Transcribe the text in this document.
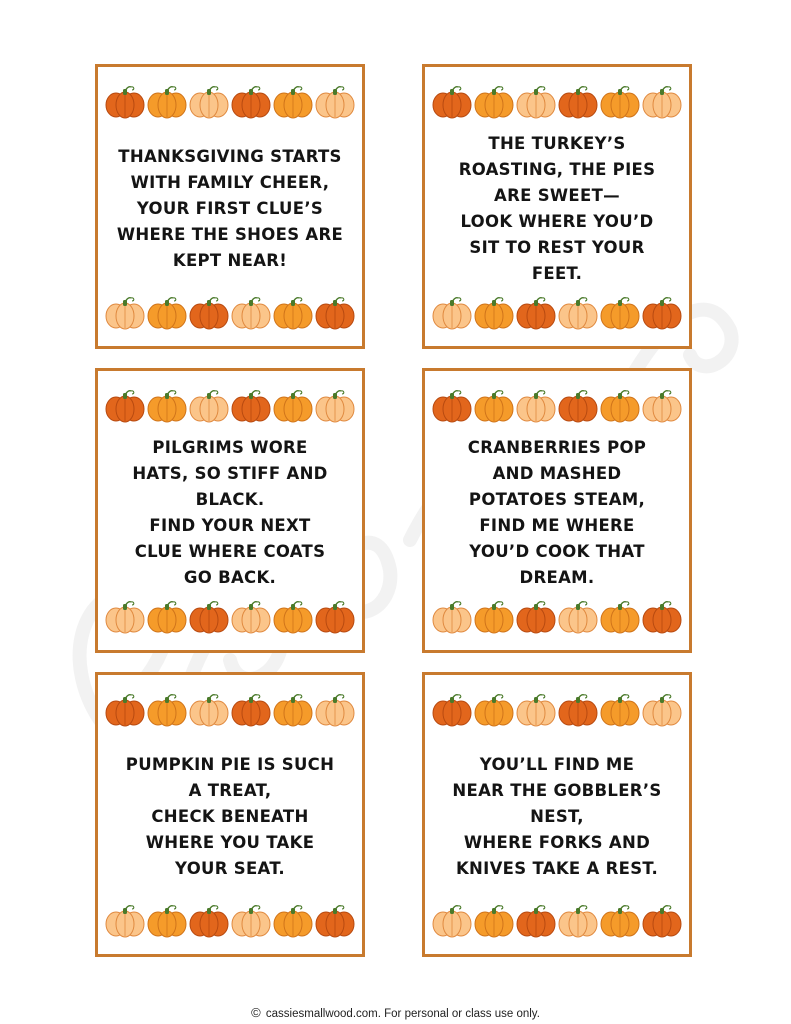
THANKSGIVING STARTS
WITH FAMILY CHEER,
YOUR FIRST CLUE’S
WHERE THE SHOES ARE
KEPT NEAR!
THE TURKEY’S
ROASTING, THE PIES
ARE SWEET—
LOOK WHERE YOU’D
SIT TO REST YOUR
FEET.
PILGRIMS WORE
HATS, SO STIFF AND
BLACK.
FIND YOUR NEXT
CLUE WHERE COATS
GO BACK.
CRANBERRIES POP
AND MASHED
POTATOES STEAM,
FIND ME WHERE
YOU’D COOK THAT
DREAM.
PUMPKIN PIE IS SUCH
A TREAT,
CHECK BENEATH
WHERE YOU TAKE
YOUR SEAT.
YOU’LL FIND ME
NEAR THE GOBBLER’S
NEST,
WHERE FORKS AND
KNIVES TAKE A REST.
© cassiesmallwood.com. For personal or class use only.
